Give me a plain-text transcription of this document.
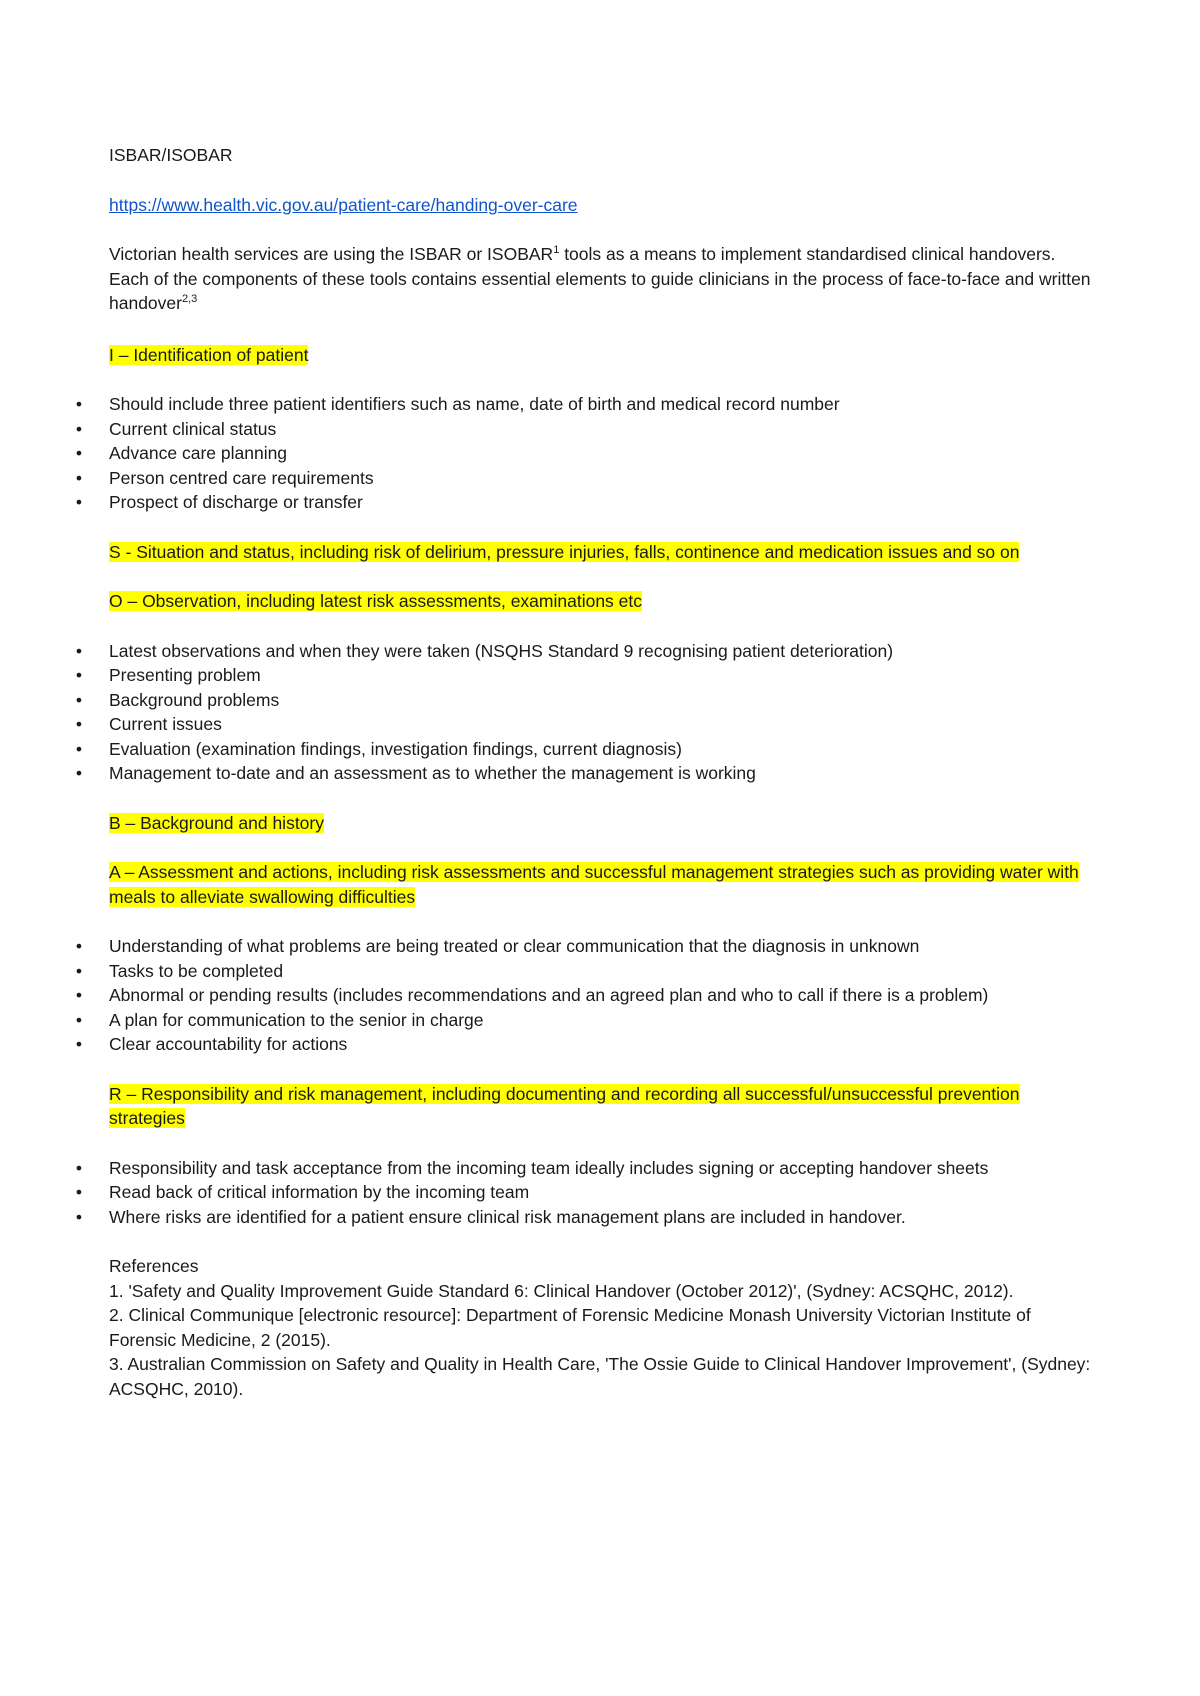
ISBAR/ISOBAR

https://www.health.vic.gov.au/patient-care/handing-over-care

Victorian health services are using the ISBAR or ISOBAR$^1$ tools as a means to implement standardised clinical handovers. Each of the components of these tools contains essential elements to guide clinicians in the process of face-to-face and written handover$^{2,3}$

I – Identification of patient

• Should include three patient identifiers such as name, date of birth and medical record number
• Current clinical status
• Advance care planning
• Person centred care requirements
• Prospect of discharge or transfer

S - Situation and status, including risk of delirium, pressure injuries, falls, continence and medication issues and so on

O – Observation, including latest risk assessments, examinations etc

• Latest observations and when they were taken (NSQHS Standard 9 recognising patient deterioration)
• Presenting problem
• Background problems
• Current issues
• Evaluation (examination findings, investigation findings, current diagnosis)
• Management to-date and an assessment as to whether the management is working

B – Background and history

A – Assessment and actions, including risk assessments and successful management strategies such as providing water with meals to alleviate swallowing difficulties

• Understanding of what problems are being treated or clear communication that the diagnosis in unknown
• Tasks to be completed
• Abnormal or pending results (includes recommendations and an agreed plan and who to call if there is a problem)
• A plan for communication to the senior in charge
• Clear accountability for actions

R – Responsibility and risk management, including documenting and recording all successful/unsuccessful prevention strategies

• Responsibility and task acceptance from the incoming team ideally includes signing or accepting handover sheets
• Read back of critical information by the incoming team
• Where risks are identified for a patient ensure clinical risk management plans are included in handover.

References

1. 'Safety and Quality Improvement Guide Standard 6: Clinical Handover (October 2012)', (Sydney: ACSQHC, 2012).

2. Clinical Communique [electronic resource]: Department of Forensic Medicine Monash University Victorian Institute of Forensic Medicine, 2 (2015).

3. Australian Commission on Safety and Quality in Health Care, 'The Ossie Guide to Clinical Handover Improvement', (Sydney: ACSQHC, 2010).
